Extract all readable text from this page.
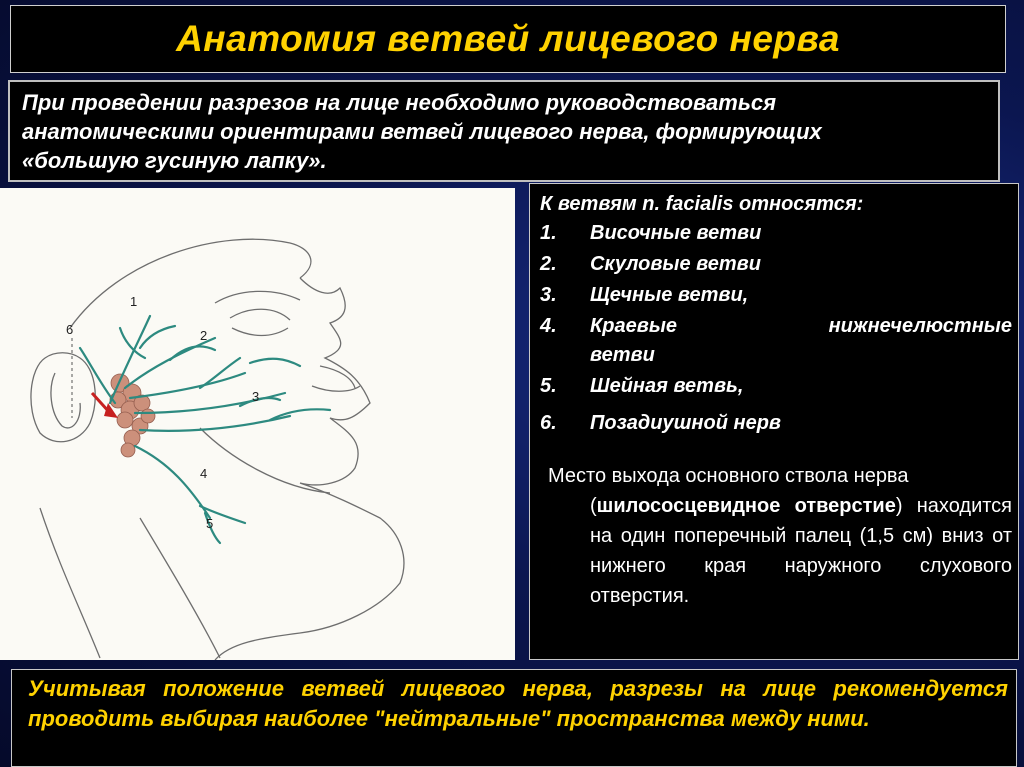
Анатомия ветвей лицевого нерва

При проведении разрезов на лице необходимо руководствоваться
анатомическими ориентирами ветвей лицевого нерва, формирующих
«большую гусиную лапку».

1
2
3
4
5
6

К ветвям n. facialis относятся:

1.	Височные ветви
2.	Скуловые ветви
3.	Щечные ветви,
4.	Краевые	нижнечелюстные
ветви
5.	Шейная ветвь,
6.	Позадиушной нерв

Место выхода основного ствола нерва
(шилососцевидное отверстие) находится на один поперечный палец (1,5 см) вниз от нижнего края наружного слухового отверстия.

Учитывая положение ветвей лицевого нерва, разрезы на лице рекомендуется проводить выбирая наиболее "нейтральные" пространства между ними.
